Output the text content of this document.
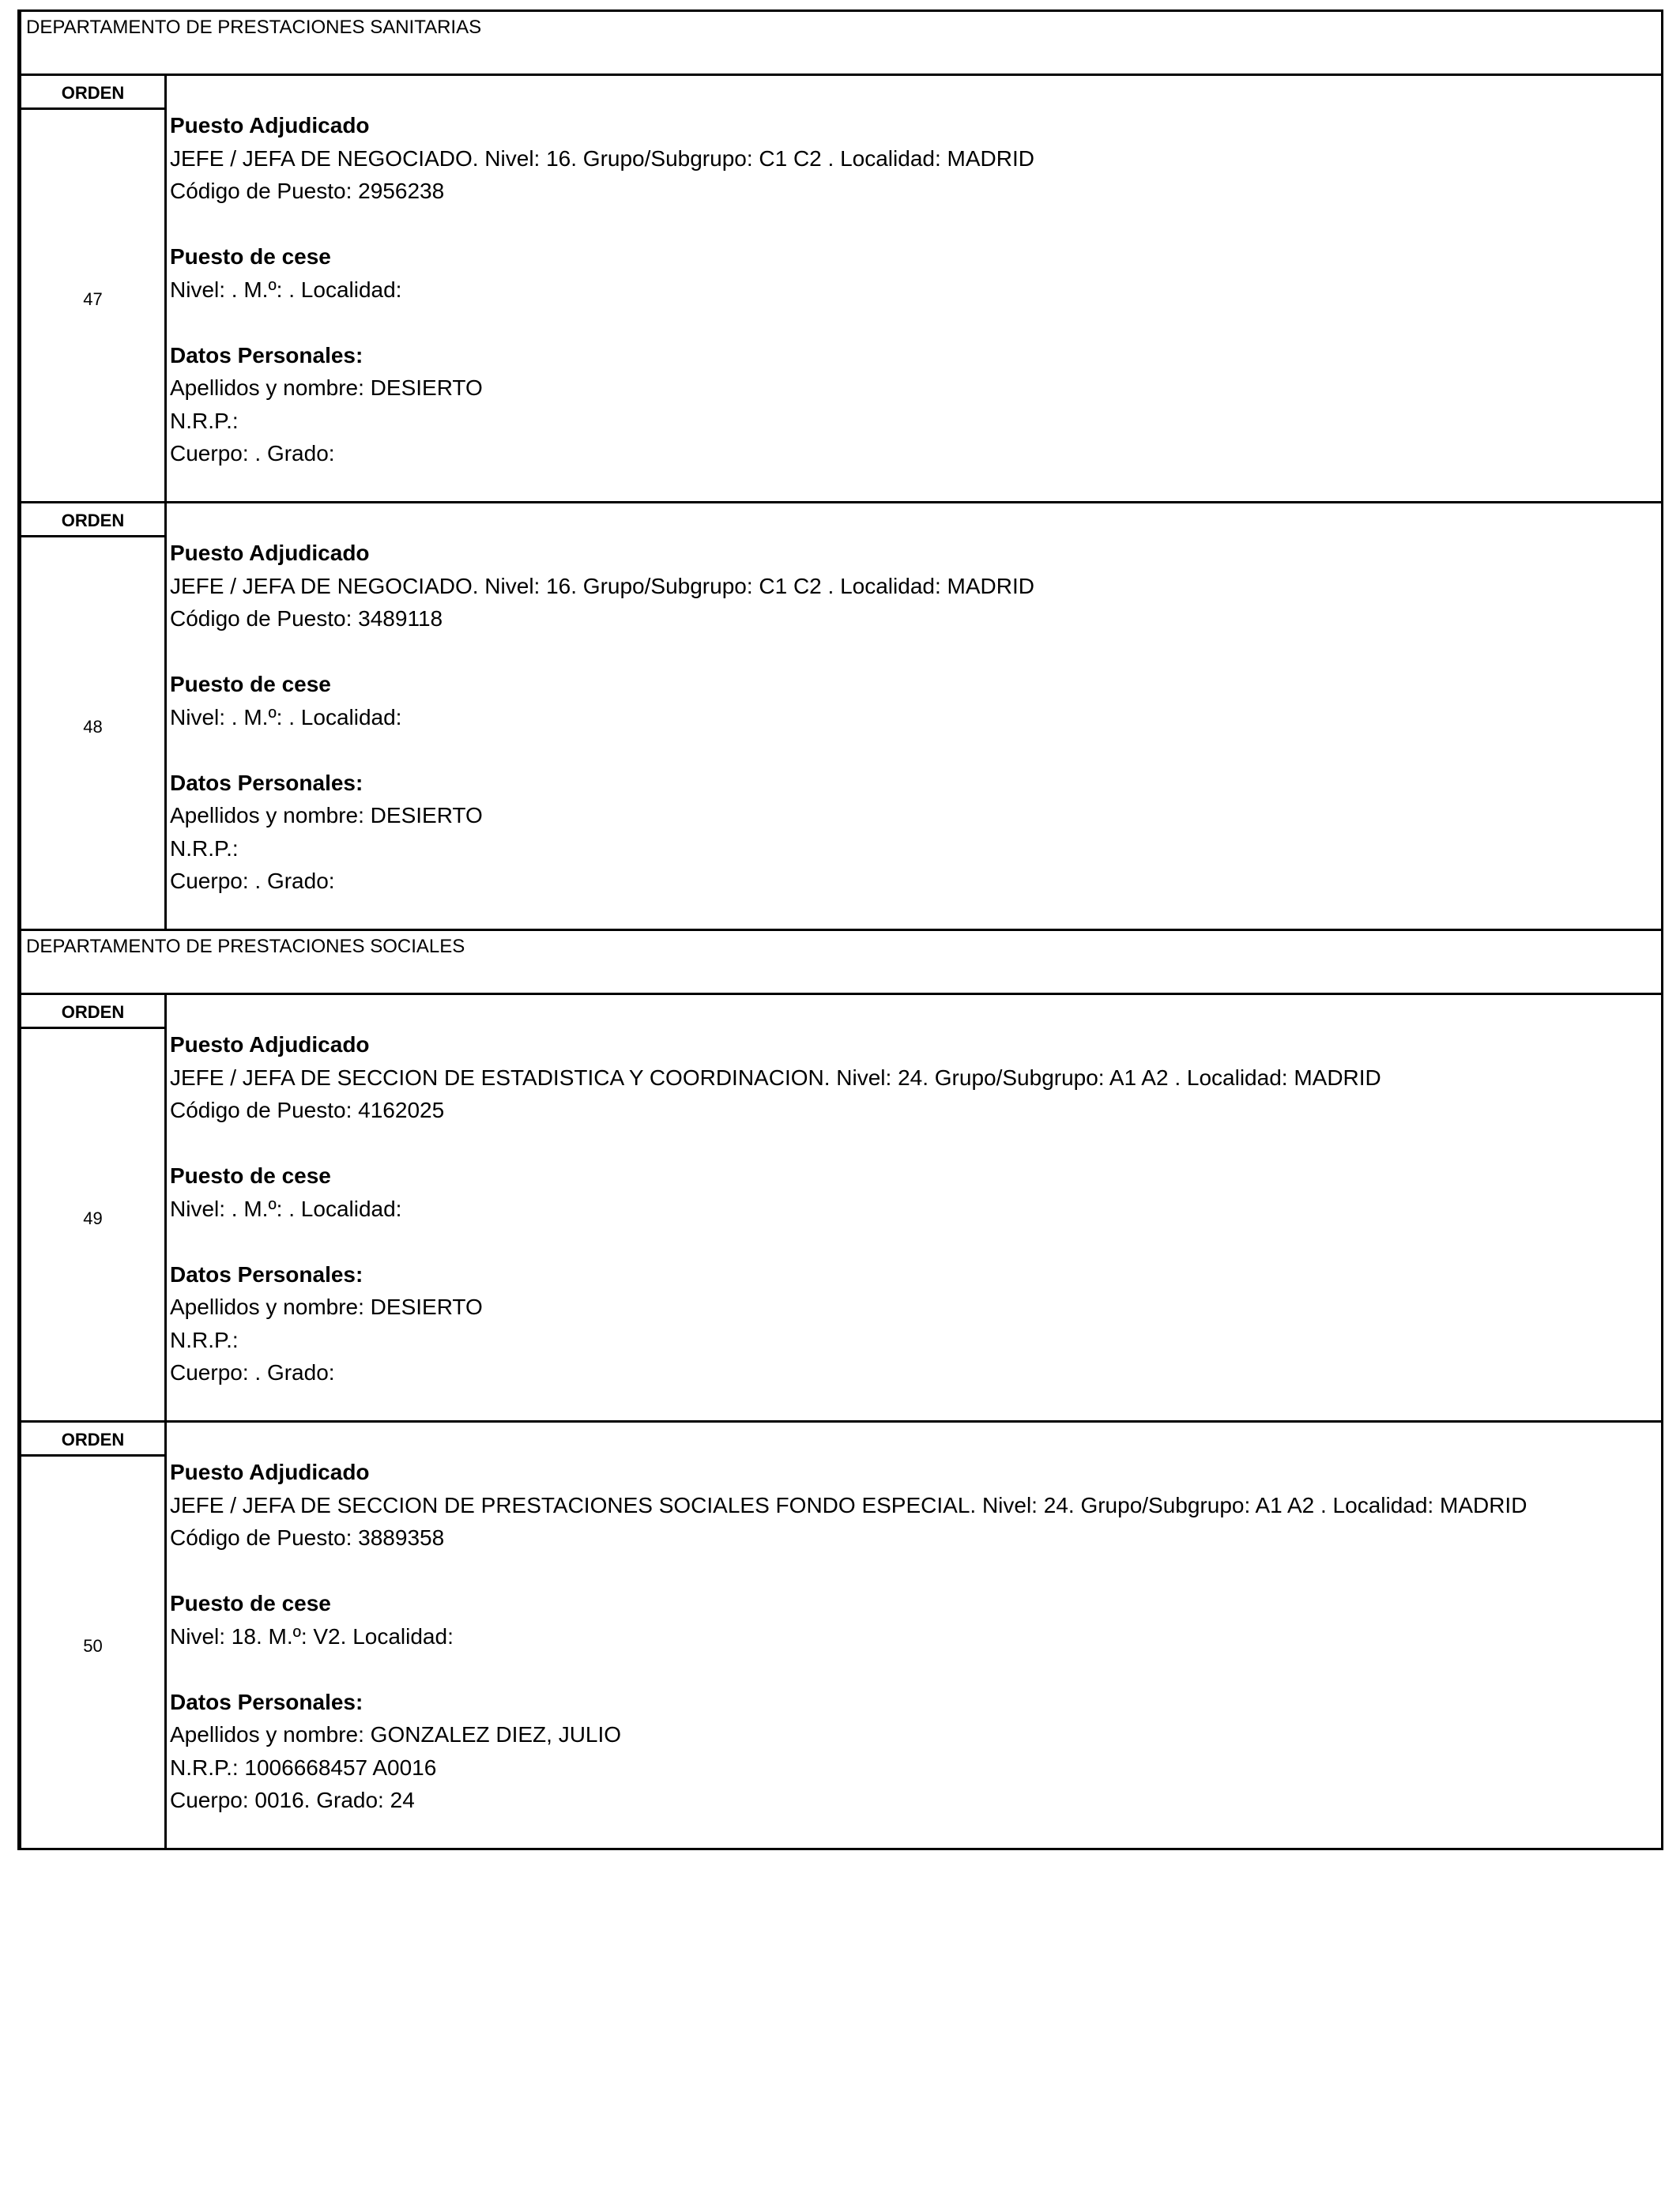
DEPARTAMENTO DE PRESTACIONES SANITARIAS
ORDEN
47
Puesto Adjudicado
JEFE / JEFA DE NEGOCIADO. Nivel: 16. Grupo/Subgrupo: C1 C2 . Localidad: MADRID
Código de Puesto: 2956238
Puesto de cese
Nivel: . M.º: . Localidad:
Datos Personales:
Apellidos y nombre: DESIERTO
N.R.P.:
Cuerpo: . Grado:
ORDEN
48
Puesto Adjudicado
JEFE / JEFA DE NEGOCIADO. Nivel: 16. Grupo/Subgrupo: C1 C2 . Localidad: MADRID
Código de Puesto: 3489118
Puesto de cese
Nivel: . M.º: . Localidad:
Datos Personales:
Apellidos y nombre: DESIERTO
N.R.P.:
Cuerpo: . Grado:
DEPARTAMENTO DE PRESTACIONES SOCIALES
ORDEN
49
Puesto Adjudicado
JEFE / JEFA DE SECCION DE ESTADISTICA Y COORDINACION. Nivel: 24. Grupo/Subgrupo: A1 A2 . Localidad: MADRID
Código de Puesto: 4162025
Puesto de cese
Nivel: . M.º: . Localidad:
Datos Personales:
Apellidos y nombre: DESIERTO
N.R.P.:
Cuerpo: . Grado:
ORDEN
50
Puesto Adjudicado
JEFE / JEFA DE SECCION DE PRESTACIONES SOCIALES FONDO ESPECIAL. Nivel: 24. Grupo/Subgrupo: A1 A2 . Localidad: MADRID
Código de Puesto: 3889358
Puesto de cese
Nivel: 18. M.º: V2. Localidad:
Datos Personales:
Apellidos y nombre: GONZALEZ DIEZ, JULIO
N.R.P.: 1006668457 A0016
Cuerpo: 0016. Grado: 24
